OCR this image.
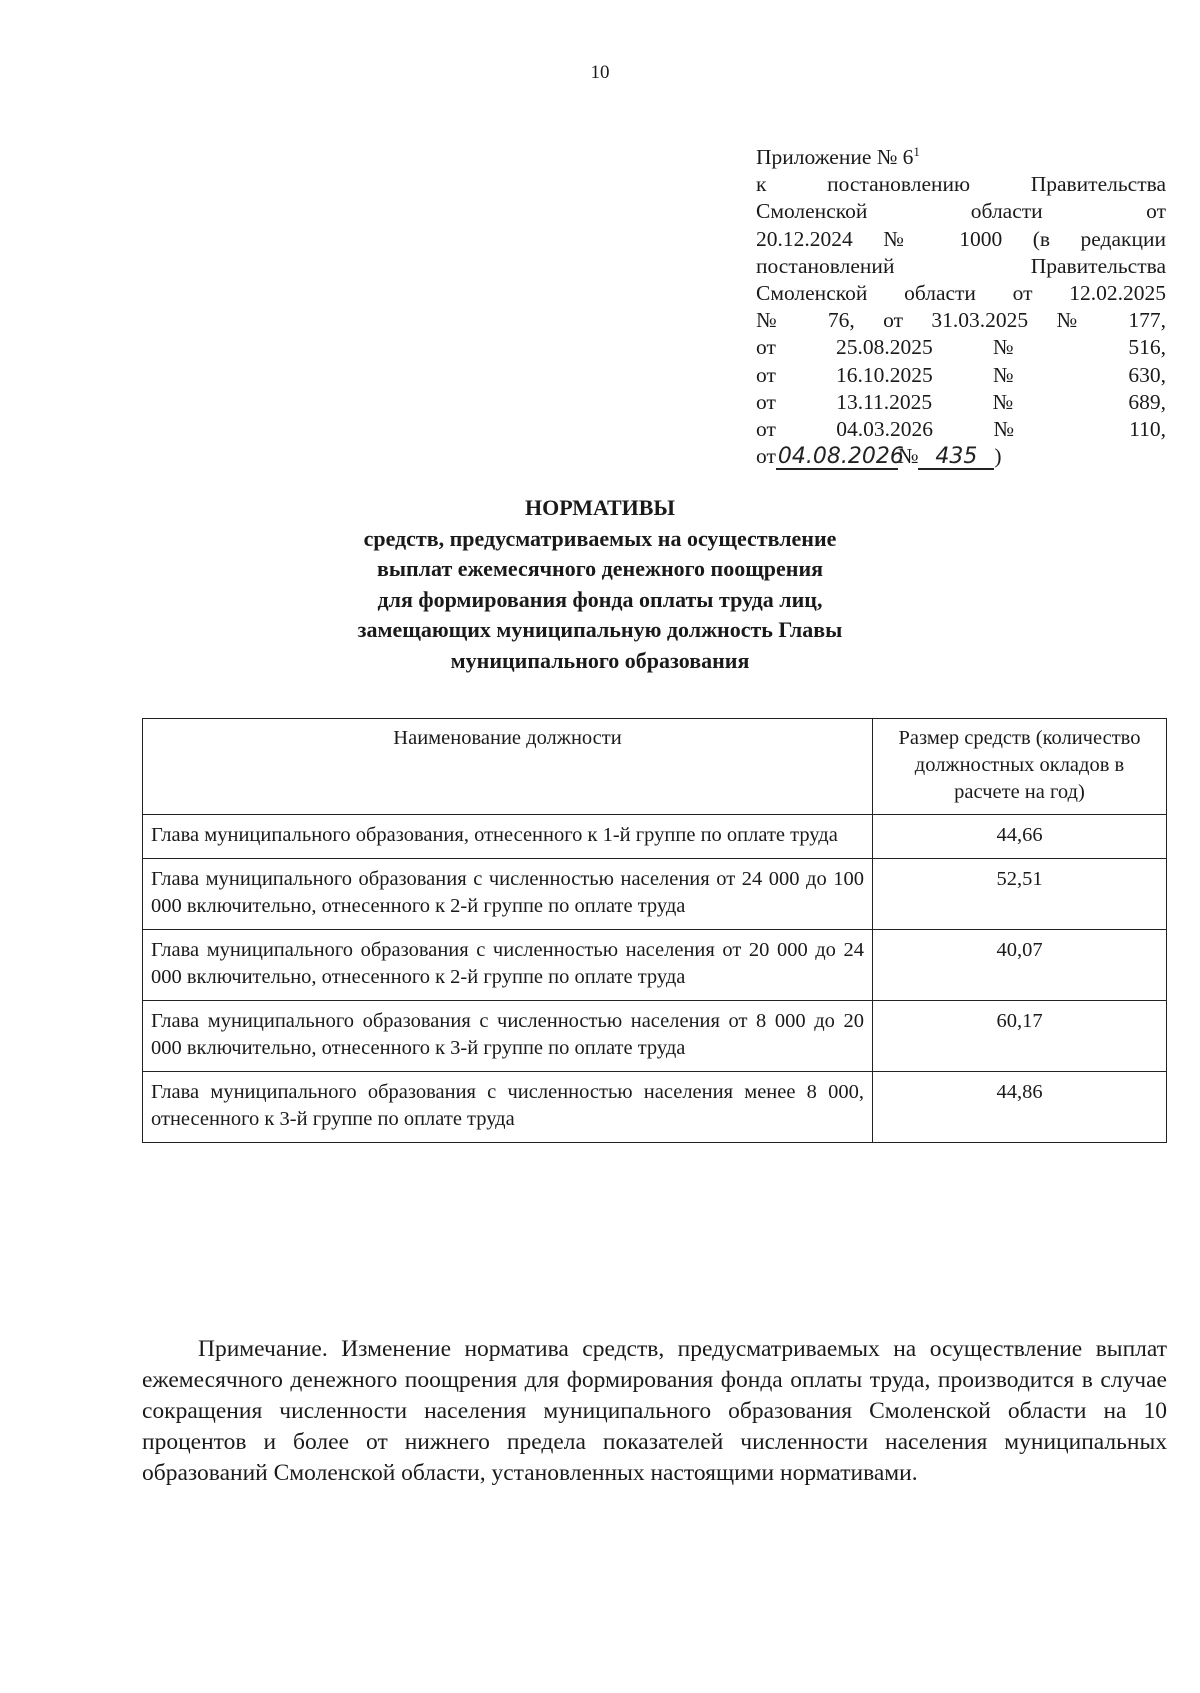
10
Приложение № $6^1$
к постановлению Правительства
Смоленской области от
20.12.2024 № 1000 (в редакции
постановлений Правительства
Смоленской области от 12.02.2025
№ 76, от 31.03.2025 № 177,
от 25.08.2025 № 516,
от 16.10.2025 № 630,
от 13.11.2025 № 689,
от 04.03.2026 № 110,
от04.08.2026№ 435 )
НОРМАТИВЫ
средств, предусматриваемых на осуществление
выплат ежемесячного денежного поощрения
для формирования фонда оплаты труда лиц,
замещающих муниципальную должность Главы
муниципального образования
Наименование должности	Размер средств (количество должностных окладов в расчете на год)
Глава муниципального образования, отнесенного к 1-й группе по оплате труда	44,66
Глава муниципального образования с численностью населения от 24 000 до 100 000 включительно, отнесенного к 2-й группе по оплате труда	52,51
Глава муниципального образования с численностью населения от 20 000 до 24 000 включительно, отнесенного к 2-й группе по оплате труда	40,07
Глава муниципального образования с численностью населения от 8 000 до 20 000 включительно, отнесенного к 3-й группе по оплате труда	60,17
Глава муниципального образования с численностью населения менее 8 000, отнесенного к 3-й группе по оплате труда	44,86
Примечание. Изменение норматива средств, предусматриваемых на осуществление выплат ежемесячного денежного поощрения для формирования фонда оплаты труда, производится в случае сокращения численности населения муниципального образования Смоленской области на 10 процентов и более от нижнего предела показателей численности населения муниципальных образований Смоленской области, установленных настоящими нормативами.
